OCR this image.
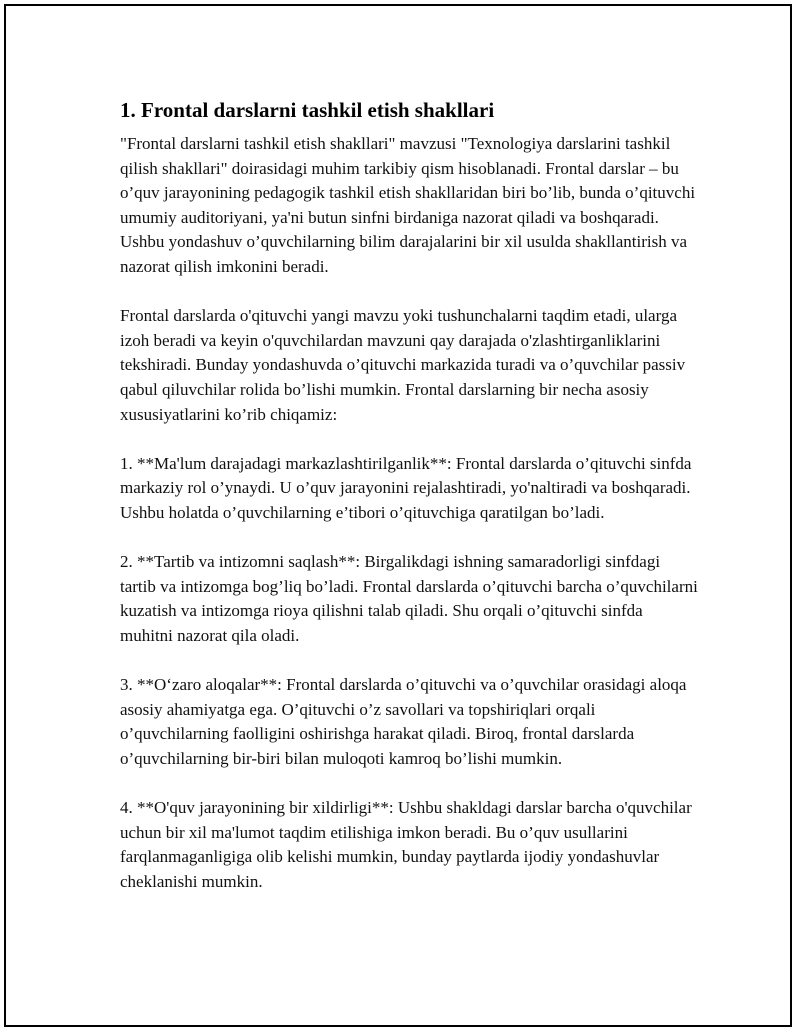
1. Frontal darslarni tashkil etish shakllari

"Frontal darslarni tashkil etish shakllari" mavzusi "Texnologiya darslarini tashkil qilish shakllari" doirasidagi muhim tarkibiy qism hisoblanadi. Frontal darslar – bu o’quv jarayonining pedagogik tashkil etish shakllaridan biri bo’lib, bunda o’qituvchi umumiy auditoriyani, ya'ni butun sinfni birdaniga nazorat qiladi va boshqaradi. Ushbu yondashuv o’quvchilarning bilim darajalarini bir xil usulda shakllantirish va nazorat qilish imkonini beradi.

Frontal darslarda o'qituvchi yangi mavzu yoki tushunchalarni taqdim etadi, ularga izoh beradi va keyin o'quvchilardan mavzuni qay darajada o'zlashtirganliklarini tekshiradi. Bunday yondashuvda o’qituvchi markazida turadi va o’quvchilar passiv qabul qiluvchilar rolida bo’lishi mumkin. Frontal darslarning bir necha asosiy xususiyatlarini ko’rib chiqamiz:

1. **Ma'lum darajadagi markazlashtirilganlik**: Frontal darslarda o’qituvchi sinfda markaziy rol o’ynaydi. U o’quv jarayonini rejalashtiradi, yo'naltiradi va boshqaradi. Ushbu holatda o’quvchilarning e’tibori o’qituvchiga qaratilgan bo’ladi.

2. **Tartib va intizomni saqlash**: Birgalikdagi ishning samaradorligi sinfdagi tartib va intizomga bog’liq bo’ladi. Frontal darslarda o’qituvchi barcha o’quvchilarni kuzatish va intizomga rioya qilishni talab qiladi. Shu orqali o’qituvchi sinfda muhitni nazorat qila oladi.

3. **O‘zaro aloqalar**: Frontal darslarda o’qituvchi va o’quvchilar orasidagi aloqa asosiy ahamiyatga ega. O’qituvchi o’z savollari va topshiriqlari orqali o’quvchilarning faolligini oshirishga harakat qiladi. Biroq, frontal darslarda o’quvchilarning bir-biri bilan muloqoti kamroq bo’lishi mumkin.

4. **O'quv jarayonining bir xildirligi**: Ushbu shakldagi darslar barcha o'quvchilar uchun bir xil ma'lumot taqdim etilishiga imkon beradi. Bu o’quv usullarini farqlanmaganligiga olib kelishi mumkin, bunday paytlarda ijodiy yondashuvlar cheklanishi mumkin.
